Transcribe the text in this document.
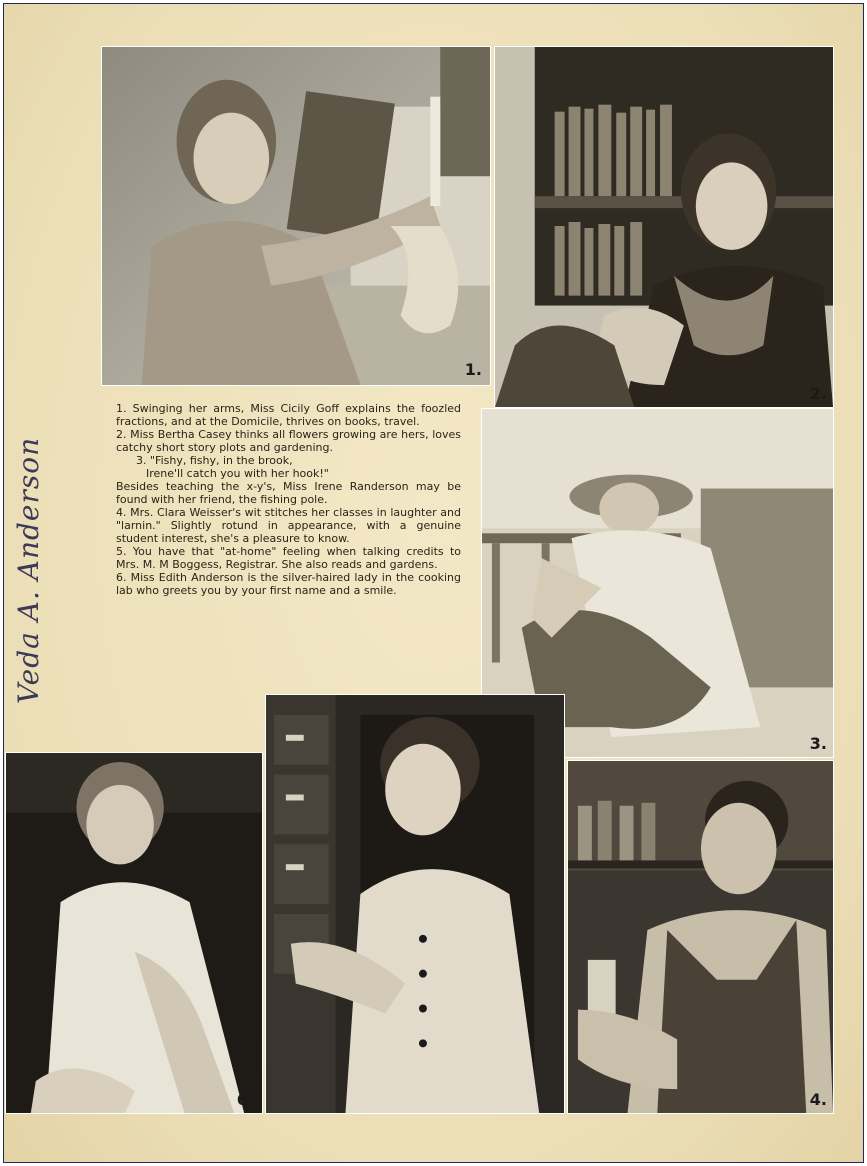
Veda A. Anderson
1.
2.
3.
6.	4.

1. Swinging her arms, Miss Cicily Goff explains the foozled fractions, and at the Domicile, thrives on books, travel.

2. Miss Bertha Casey thinks all flowers growing are hers, loves catchy short story plots and gardening.

3. "Fishy, fishy, in the brook,

Irene'll catch you with her hook!"

Besides teaching the x-y's, Miss Irene Randerson may be found with her friend, the fishing pole.

4. Mrs. Clara Weisser's wit stitches her classes in laughter and "larnin." Slightly rotund in appearance, with a genuine student interest, she's a pleasure to know.

5. You have that "at-home" feeling when talking credits to Mrs. M. M Boggess, Registrar. She also reads and gardens.

6. Miss Edith Anderson is the silver-haired lady in the cooking lab who greets you by your first name and a smile.
